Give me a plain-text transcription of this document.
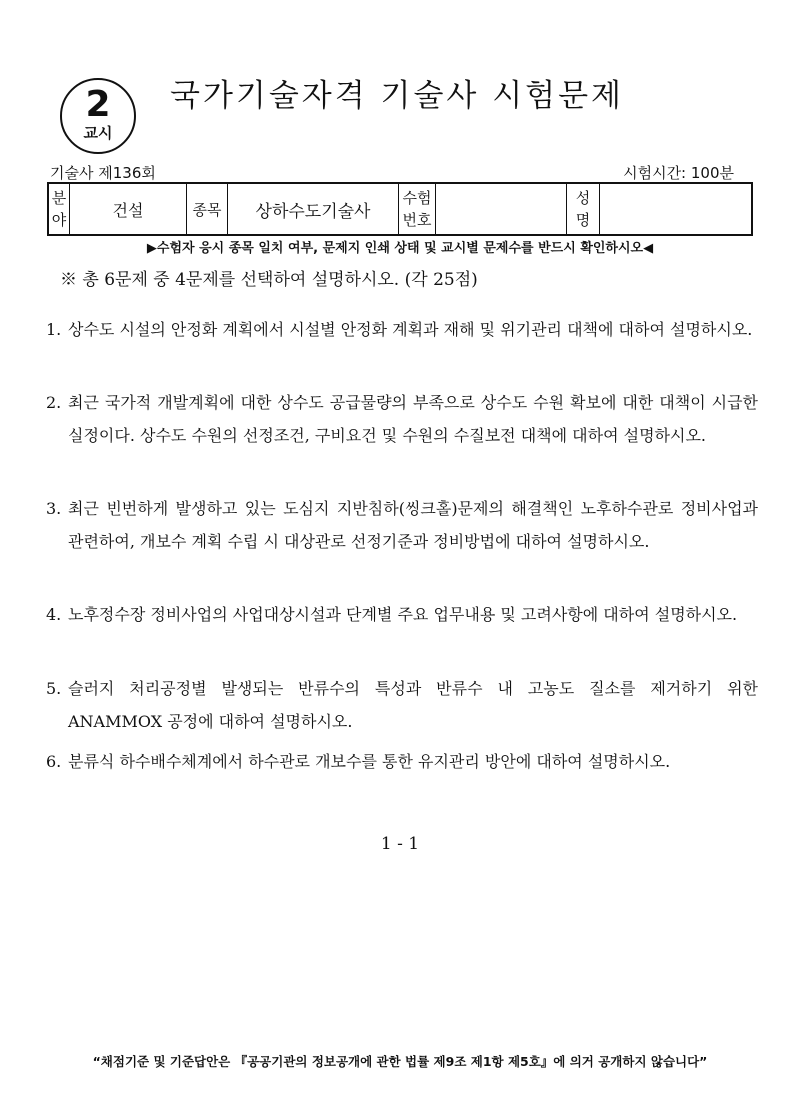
2
교시
국가기술자격 기술사 시험문제
기술사 제136회	시험시간: 100분
분 야	건설	종목	상하수도기술사	수험 번호		성 명	
▶수험자 응시 종목 일치 여부, 문제지 인쇄 상태 및 교시별 문제수를 반드시 확인하시오◀
※ 총 6문제 중 4문제를 선택하여 설명하시오. (각 25점)
1. 상수도 시설의 안정화 계획에서 시설별 안정화 계획과 재해 및 위기관리 대책에 대하여 설명하시오.
2. 최근 국가적 개발계획에 대한 상수도 공급물량의 부족으로 상수도 수원 확보에 대한 대책이 시급한 실정이다. 상수도 수원의 선정조건, 구비요건 및 수원의 수질보전 대책에 대하여 설명하시오.
3. 최근 빈번하게 발생하고 있는 도심지 지반침하(씽크홀)문제의 해결책인 노후하수관로 정비사업과 관련하여, 개보수 계획 수립 시 대상관로 선정기준과 정비방법에 대하여 설명하시오.
4. 노후정수장 정비사업의 사업대상시설과 단계별 주요 업무내용 및 고려사항에 대하여 설명하시오.
5. 슬러지 처리공정별 발생되는 반류수의 특성과 반류수 내 고농도 질소를 제거하기 위한 ANAMMOX 공정에 대하여 설명하시오.
6. 분류식 하수배수체계에서 하수관로 개보수를 통한 유지관리 방안에 대하여 설명하시오.
1 - 1
“채점기준 및 기준답안은 『공공기관의 정보공개에 관한 법률 제9조 제1항 제5호』에 의거 공개하지 않습니다”
